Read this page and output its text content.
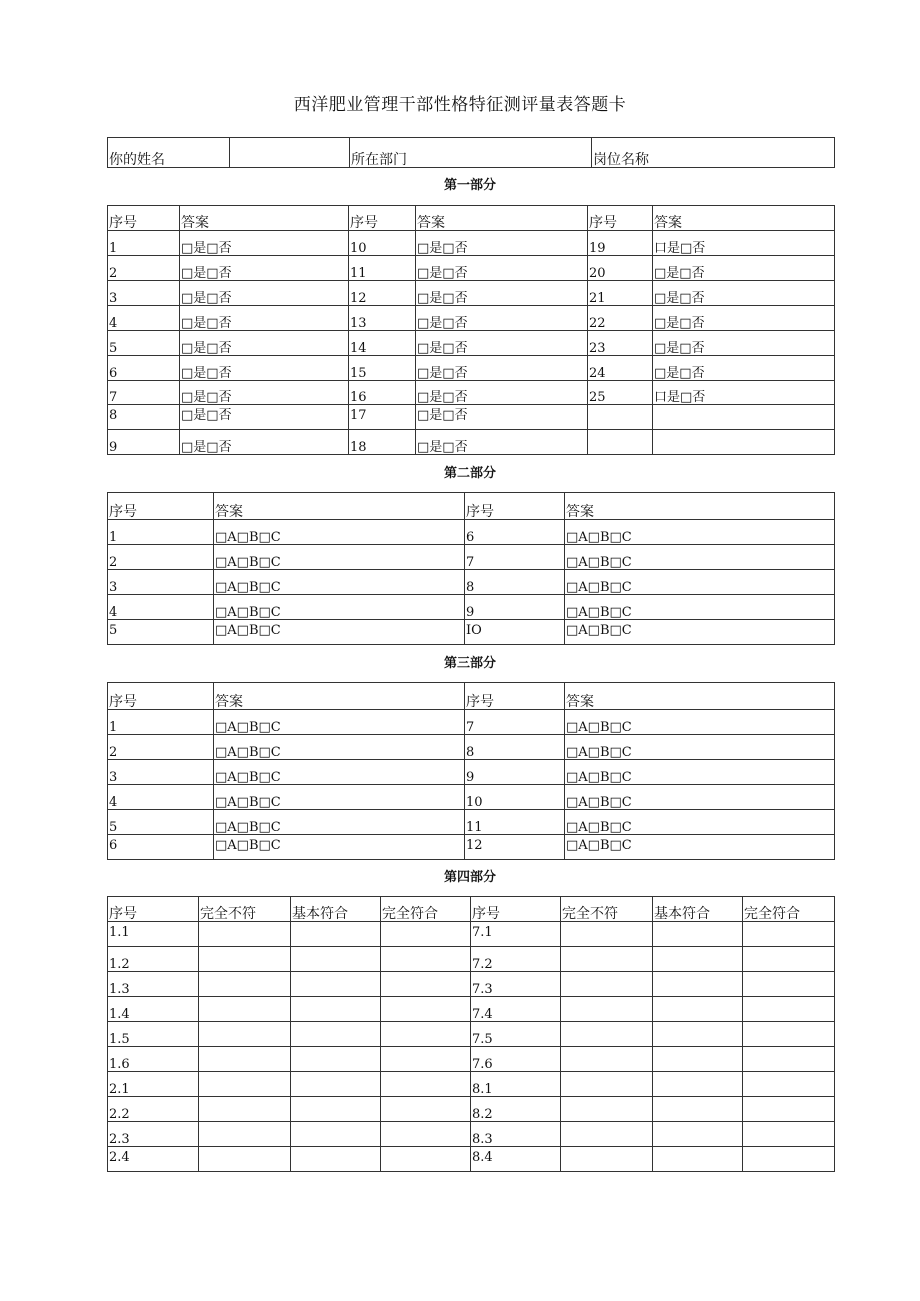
西洋肥业管理干部性格特征测评量表答题卡
你的姓名		所在部门	岗位名称
第一部分
序号	答案	序号	答案	序号	答案
1	□是□否	10	□是□否	19	口是□否
2	□是□否	11	□是□否	20	□是□否
3	□是□否	12	□是□否	21	□是□否
4	□是□否	13	□是□否	22	□是□否
5	□是□否	14	□是□否	23	□是□否
6	□是□否	15	□是□否	24	□是□否
7	□是□否	16	□是□否	25	口是□否
8	□是□否	17	□是□否		
9	□是□否	18	□是□否		
第二部分
序号	答案	序号	答案
1	□A□B□C	6	□A□B□C
2	□A□B□C	7	□A□B□C
3	□A□B□C	8	□A□B□C
4	□A□B□C	9	□A□B□C
5	□A□B□C	IO	□A□B□C
第三部分
序号	答案	序号	答案
1	□A□B□C	7	□A□B□C
2	□A□B□C	8	□A□B□C
3	□A□B□C	9	□A□B□C
4	□A□B□C	10	□A□B□C
5	□A□B□C	11	□A□B□C
6	□A□B□C	12	□A□B□C
第四部分
序号	完全不符	基本符合	完全符合	序号	完全不符	基本符合	完全符合
1.1				7.1			
1.2				7.2			
1.3				7.3			
1.4				7.4			
1.5				7.5			
1.6				7.6			
2.1				8.1			
2.2				8.2			
2.3				8.3			
2.4				8.4			
